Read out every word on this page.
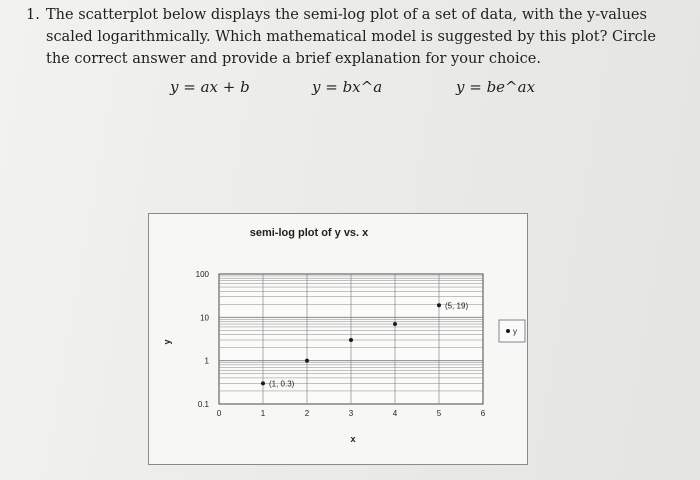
1. The scatterplot below displays the semi-log plot of a set of data, with the y-values scaled logarithmically. Which mathematical model is suggested by this plot? Circle the correct answer and provide a brief explanation for your choice.
y = ax + b	y = bx^a	y = be^ax
semi-log plot of y vs. x
0	1	2	3	4	5	6
0.1
1
10
100
(1, 0.3)
(5, 19)
x
y
y
